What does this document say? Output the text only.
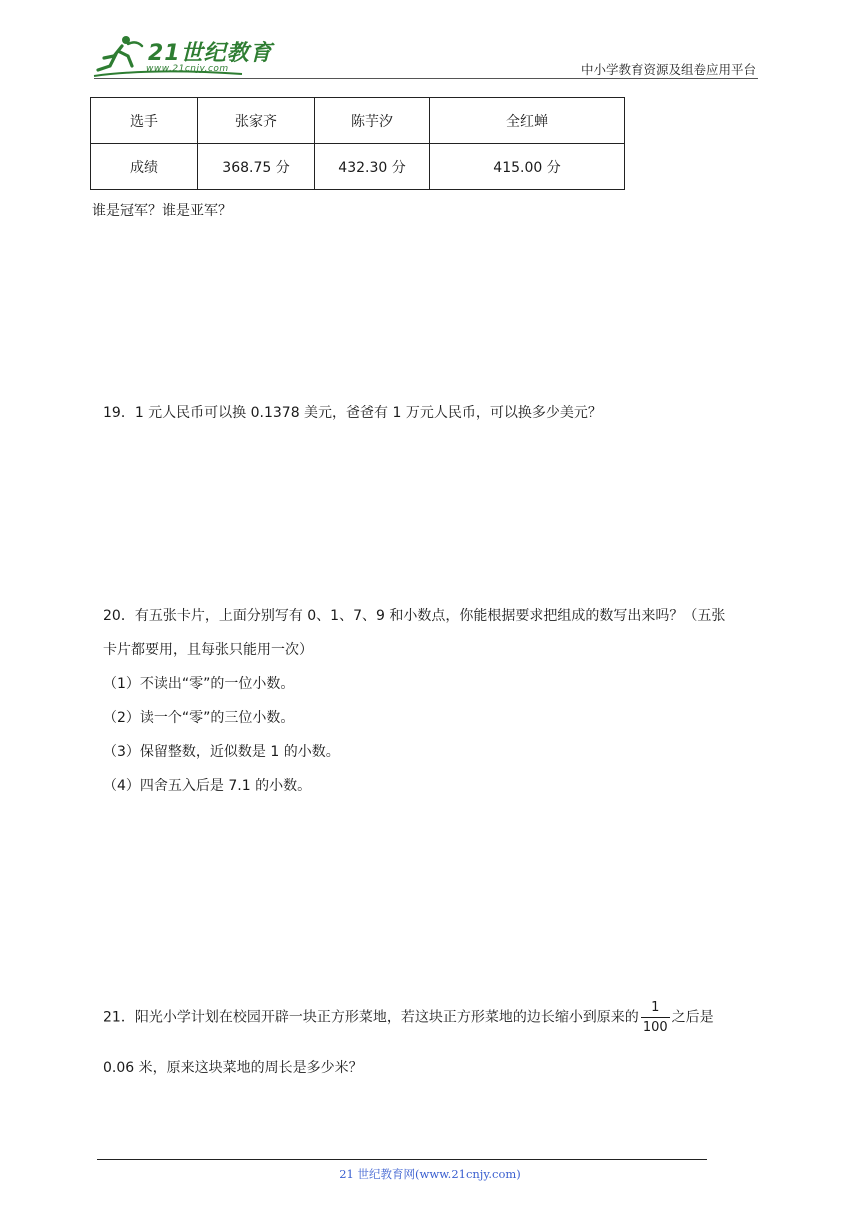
21世纪教育
www.21cnjy.com	中小学教育资源及组卷应用平台
选手	张家齐	陈芋汐	全红蝉
成绩	368.75 分	432.30 分	415.00 分
谁是冠军？谁是亚军？
19．1 元人民币可以换 0.1378 美元，爸爸有 1 万元人民币，可以换多少美元？
20．有五张卡片，上面分别写有 0、1、7、9 和小数点，你能根据要求把组成的数写出来吗？（五张
卡片都要用，且每张只能用一次）
（1）不读出“零”的一位小数。
（2）读一个“零”的三位小数。
（3）保留整数，近似数是 1 的小数。
（4）四舍五入后是 7.1 的小数。
21．阳光小学计划在校园开辟一块正方形菜地，若这块正方形菜地的边长缩小到原来的 $\frac{1}{100}$ 之后是
0.06 米，原来这块菜地的周长是多少米？
21 世纪教育网(www.21cnjy.com)
